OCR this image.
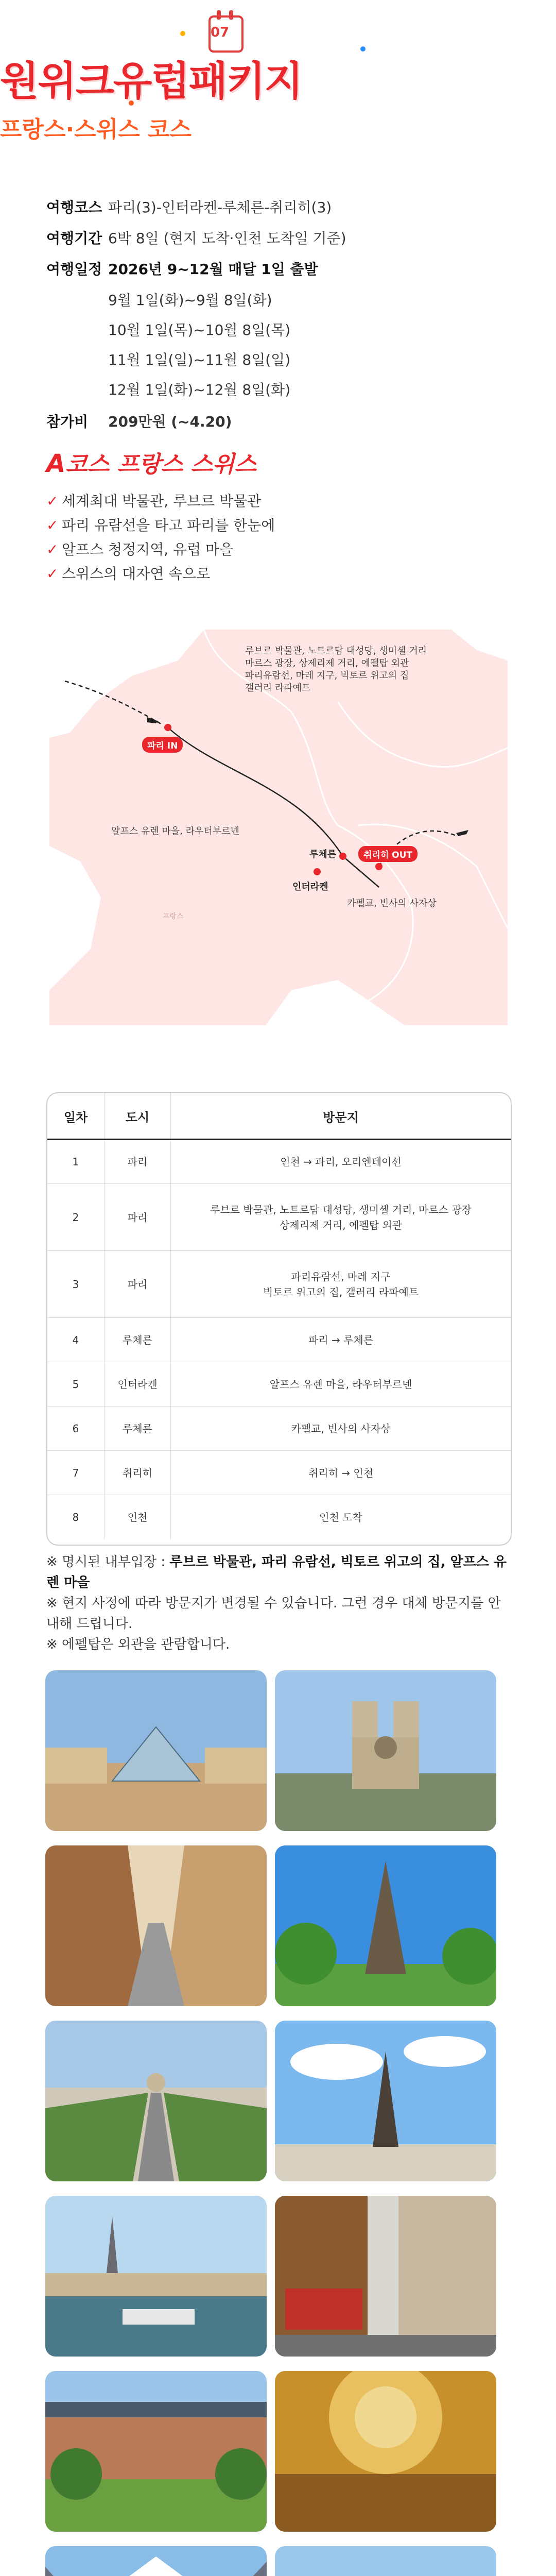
07
원위크유럽패키지
프랑스·스위스 코스
여행코스 파리(3)-인터라켄-루체른-취리히(3)
여행기간 6박 8일 (현지 도착·인천 도착일 기준)
여행일정 2026년 9~12월 매달 1일 출발
9월 1일(화)~9월 8일(화)
10월 1일(목)~10월 8일(목)
11월 1일(일)~11월 8일(일)
12월 1일(화)~12월 8일(화)
참가비	209만원 (~4.20)
A코스 프랑스 스위스
✓ 세계최대 박물관, 루브르 박물관
✓ 파리 유람선을 타고 파리를 한눈에
✓ 알프스 청정지역, 유럽 마을
✓ 스위스의 대자연 속으로
루브르 박물관, 노트르담 대성당, 생미셸 거리
마르스 광장, 상제리제 거리, 에펠탑 외관
파리유람선, 마레 지구, 빅토르 위고의 집
갤러리 라파예트
파리 IN
알프스 유렌 마을, 라우터부르넨
루체른
인터라켄
취리히 OUT
카펠교, 빈사의 사자상
프랑스
일차	도시	방문지
1	파리	인천 → 파리, 오리엔테이션

2	파리	루브르 박물관, 노트르담 대성당, 생미셸 거리, 마르스 광장
상제리제 거리, 에펠탑 외관

3	파리	파리유람선, 마레 지구
빅토르 위고의 집, 갤러리 라파예트

4	루체른	파리 → 루체른

5	인터라켄	알프스 유렌 마을, 라우터부르넨

6	루체른	카펠교, 빈사의 사자상

7	취리히	취리히 → 인천

8	인천	인천 도착
※ 명시된 내부입장 : 루브르 박물관, 파리 유람선, 빅토르 위고의 집, 알프스 유렌 마을
※ 현지 사정에 따라 방문지가 변경될 수 있습니다. 그런 경우 대체 방문지를 안내해 드립니다.
※ 에펠탑은 외관을 관람합니다.
